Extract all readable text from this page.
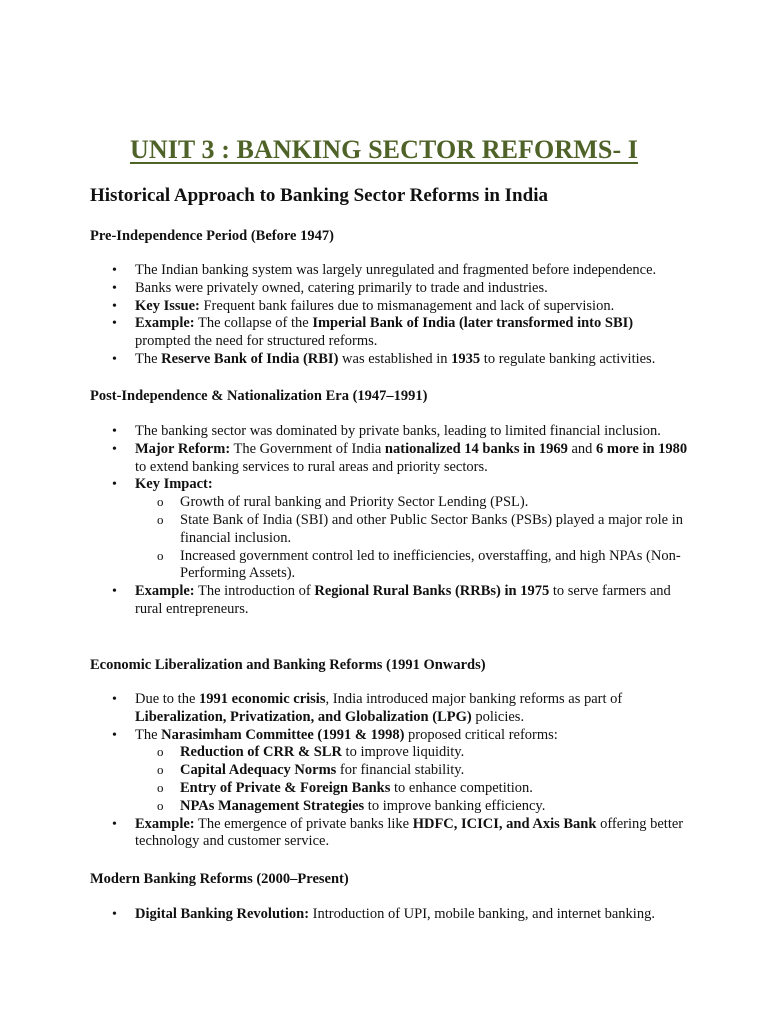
UNIT 3 : BANKING SECTOR REFORMS- I
Historical Approach to Banking Sector Reforms in India
Pre-Independence Period (Before 1947)
• The Indian banking system was largely unregulated and fragmented before independence.
• Banks were privately owned, catering primarily to trade and industries.
• Key Issue: Frequent bank failures due to mismanagement and lack of supervision.
• Example: The collapse of the Imperial Bank of India (later transformed into SBI) prompted the need for structured reforms.
• The Reserve Bank of India (RBI) was established in 1935 to regulate banking activities.
Post-Independence & Nationalization Era (1947–1991)
• The banking sector was dominated by private banks, leading to limited financial inclusion.
• Major Reform: The Government of India nationalized 14 banks in 1969 and 6 more in 1980 to extend banking services to rural areas and priority sectors.
• Key Impact:
o Growth of rural banking and Priority Sector Lending (PSL).
o State Bank of India (SBI) and other Public Sector Banks (PSBs) played a major role in financial inclusion.
o Increased government control led to inefficiencies, overstaffing, and high NPAs (Non-Performing Assets).
• Example: The introduction of Regional Rural Banks (RRBs) in 1975 to serve farmers and rural entrepreneurs.
Economic Liberalization and Banking Reforms (1991 Onwards)
• Due to the 1991 economic crisis, India introduced major banking reforms as part of Liberalization, Privatization, and Globalization (LPG) policies.
• The Narasimham Committee (1991 & 1998) proposed critical reforms:
o Reduction of CRR & SLR to improve liquidity.
o Capital Adequacy Norms for financial stability.
o Entry of Private & Foreign Banks to enhance competition.
o NPAs Management Strategies to improve banking efficiency.
• Example: The emergence of private banks like HDFC, ICICI, and Axis Bank offering better technology and customer service.
Modern Banking Reforms (2000–Present)
• Digital Banking Revolution: Introduction of UPI, mobile banking, and internet banking.
